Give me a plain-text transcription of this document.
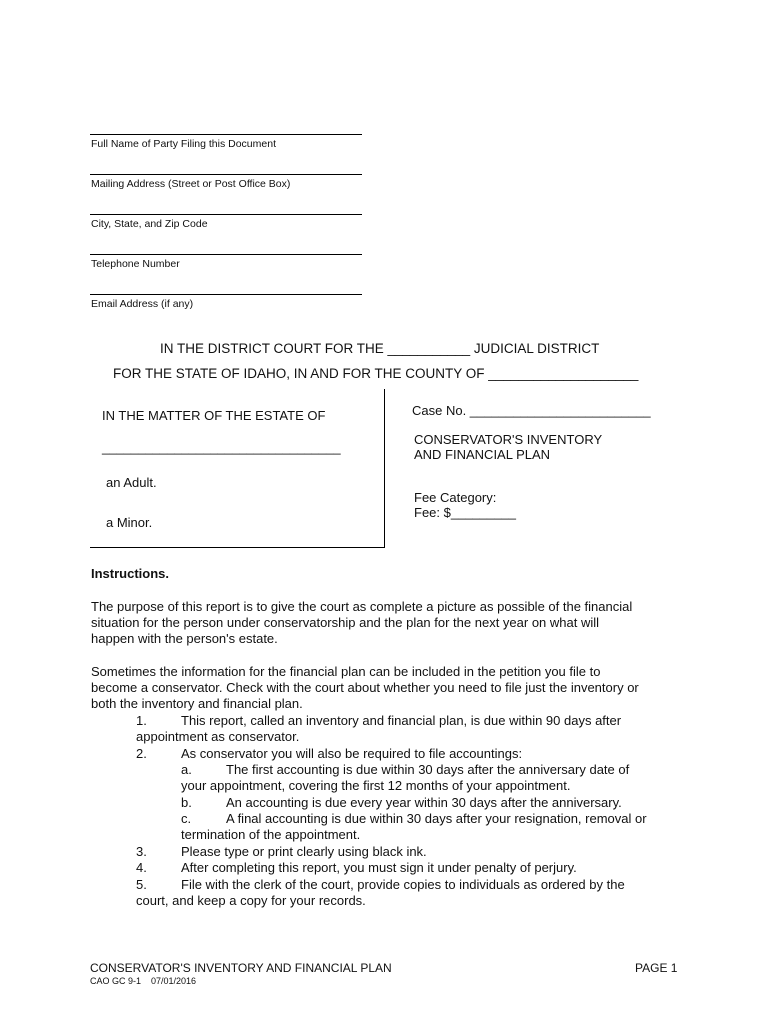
Full Name of Party Filing this Document
Mailing Address (Street or Post Office Box)
City, State, and Zip Code
Telephone Number
Email Address (if any)
IN THE DISTRICT COURT FOR THE ___________ JUDICIAL DISTRICT
FOR THE STATE OF IDAHO, IN AND FOR THE COUNTY OF ____________________
IN THE MATTER OF THE ESTATE OF
_________________________________
an Adult.
a Minor.
Case No. _________________________
CONSERVATOR'S INVENTORY
AND FINANCIAL PLAN
Fee Category:
Fee: $_________
Instructions.
The purpose of this report is to give the court as complete a picture as possible of the financial
situation for the person under conservatorship and the plan for the next year on what will
happen with the person's estate.
Sometimes the information for the financial plan can be included in the petition you file to
become a conservator. Check with the court about whether you need to file just the inventory or
both the inventory and financial plan.
1.	This report, called an inventory and financial plan, is due within 90 days after
appointment as conservator.
2.	As conservator you will also be required to file accountings:
a.	The first accounting is due within 30 days after the anniversary date of
your appointment, covering the first 12 months of your appointment.
b.	An accounting is due every year within 30 days after the anniversary.
c.	A final accounting is due within 30 days after your resignation, removal or
termination of the appointment.
3.	Please type or print clearly using black ink.
4.	After completing this report, you must sign it under penalty of perjury.
5.	File with the clerk of the court, provide copies to individuals as ordered by the
court, and keep a copy for your records.
CONSERVATOR'S INVENTORY AND FINANCIAL PLAN	PAGE 1
CAO GC 9-1    07/01/2016
